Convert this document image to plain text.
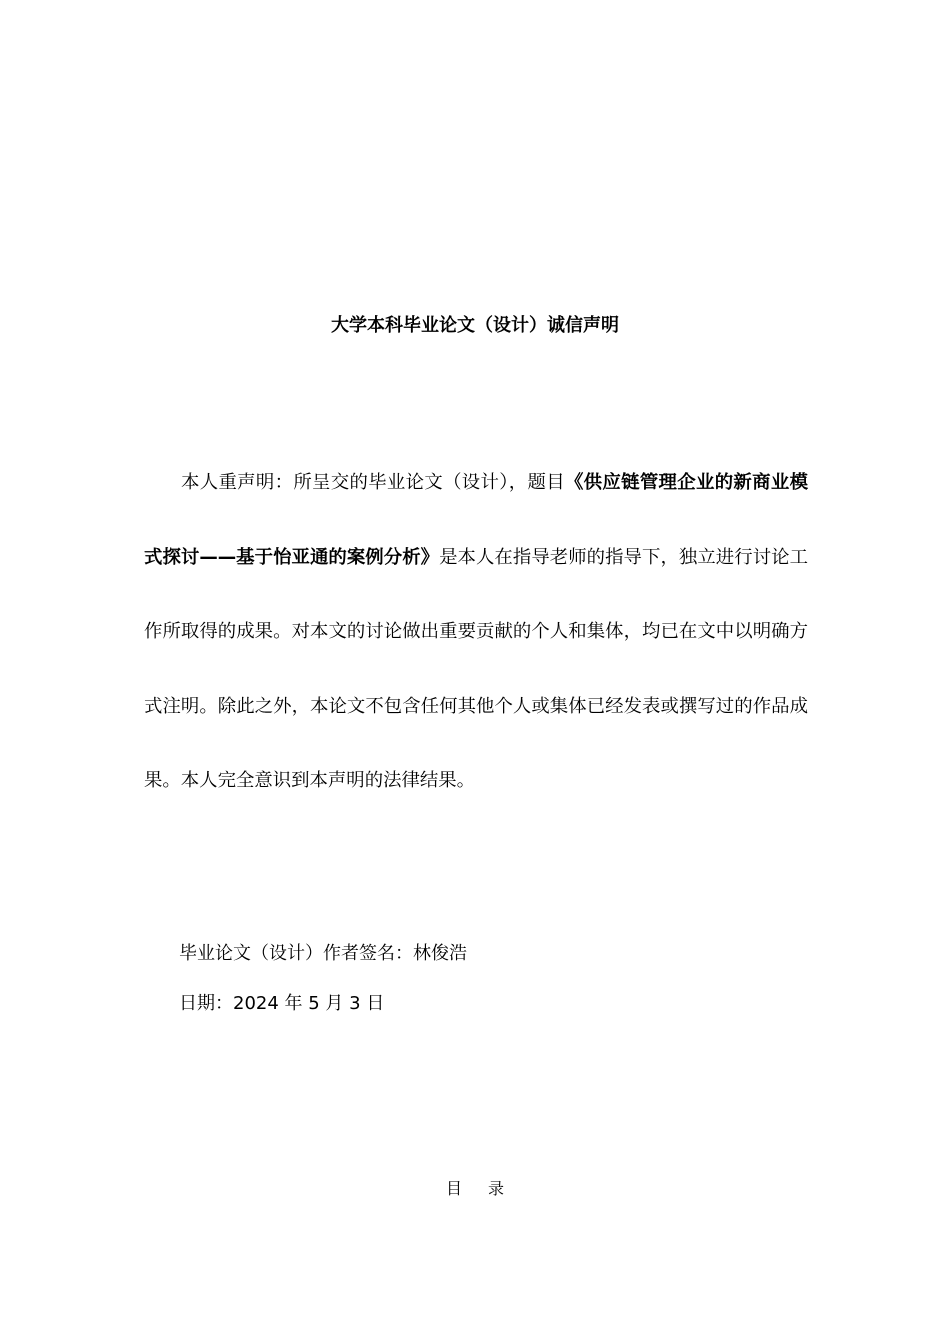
大学本科毕业论文（设计）诚信声明

本人重声明：所呈交的毕业论文（设计），题目《供应链管理企业的新商业模式探讨——基于怡亚通的案例分析》是本人在指导老师的指导下，独立进行讨论工作所取得的成果。对本文的讨论做出重要贡献的个人和集体，均已在文中以明确方式注明。除此之外，本论文不包含任何其他个人或集体已经发表或撰写过的作品成果。本人完全意识到本声明的法律结果。

毕业论文（设计）作者签名：林俊浩
日期：2024 年 5 月 3 日
目 录
